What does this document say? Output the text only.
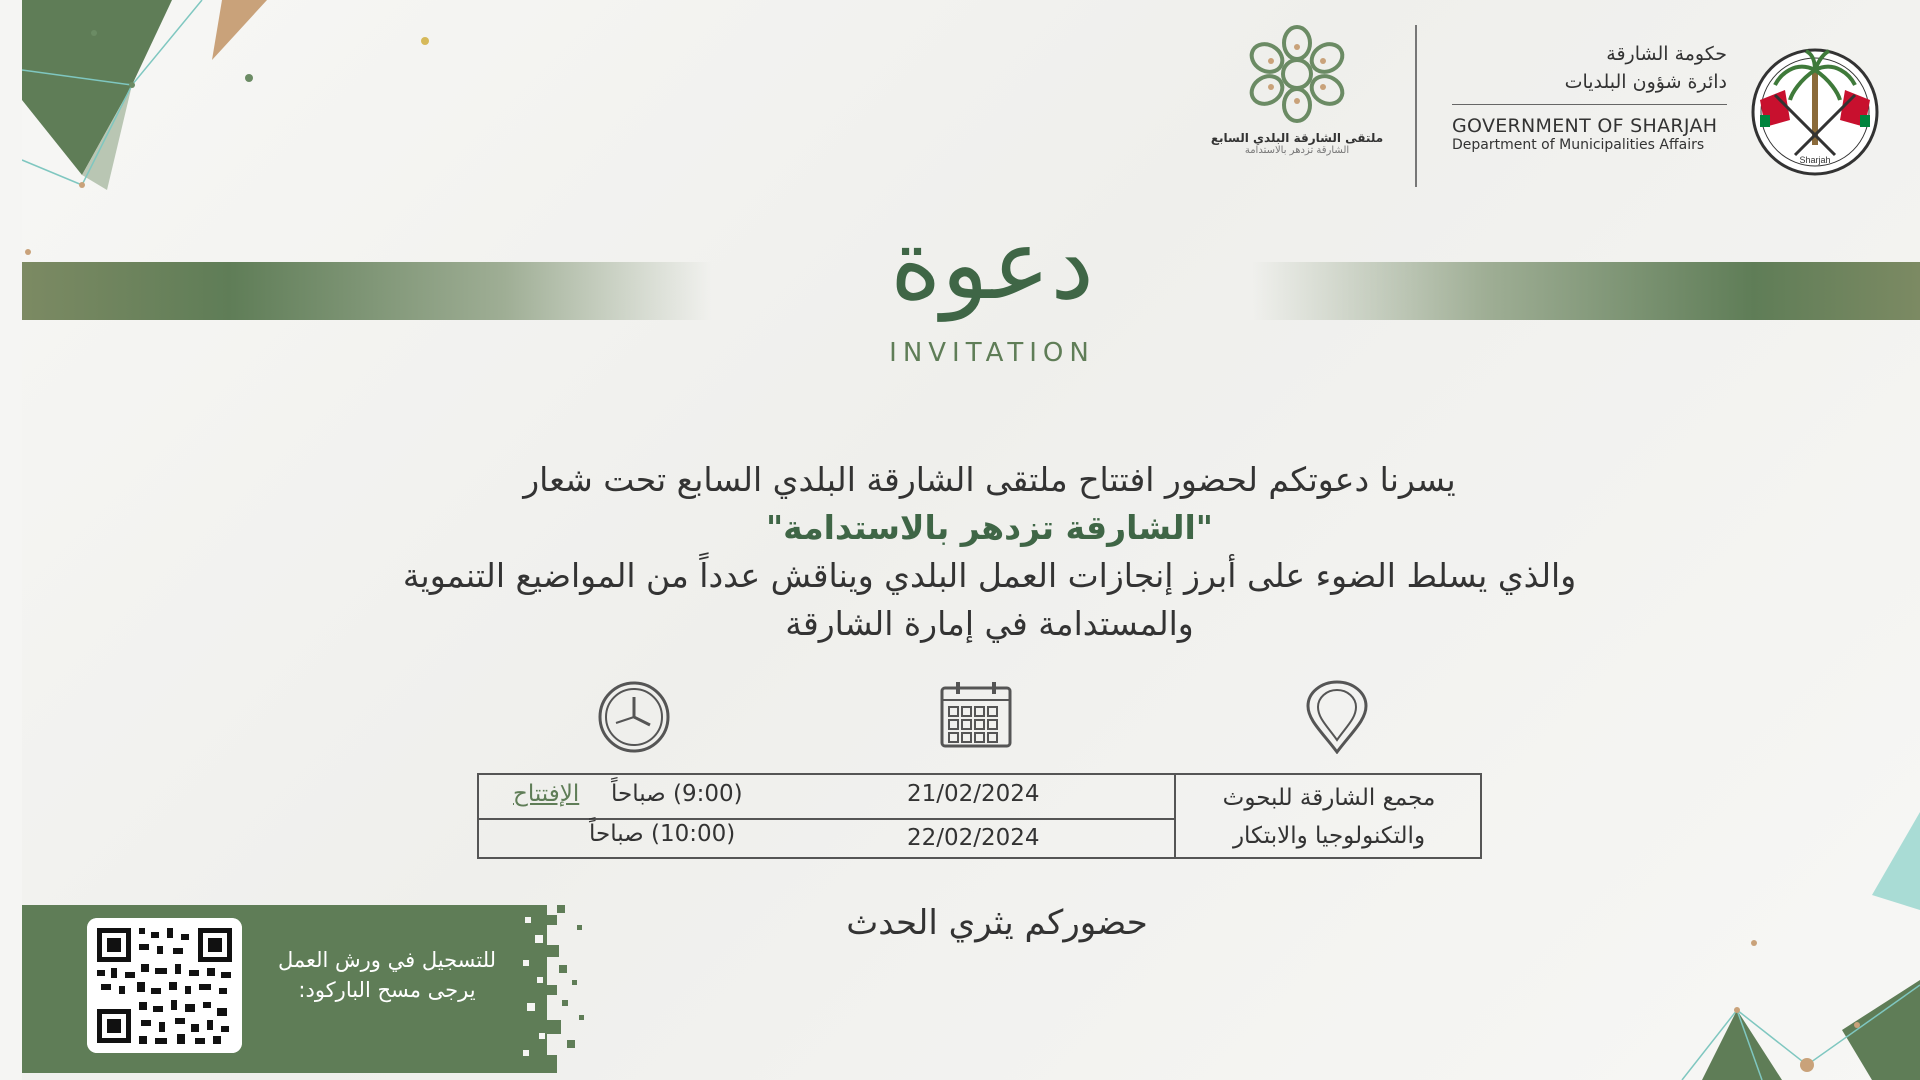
Sharjah
حكومة الشارقة
دائرة شؤون البلديات
GOVERNMENT OF SHARJAH
Department of Municipalities Affairs
ملتقى الشارقة البلدي السابع
الشارقة تزدهر بالاستدامة
دعوة
INVITATION
يسرنا دعوتكم لحضور افتتاح ملتقى الشارقة البلدي السابع تحت شعار
"الشارقة تزدهر بالاستدامة"
والذي يسلط الضوء على أبرز إنجازات العمل البلدي ويناقش عدداً من المواضيع التنموية
والمستدامة في إمارة الشارقة
مجمع الشارقة للبحوث والتكنولوجيا والابتكار
21/02/2024
(9:00) صباحاً
الإفتتاح
22/02/2024
(10:00) صباحاً
حضوركم يثري الحدث
للتسجيل في ورش العمل يرجى مسح الباركود:
